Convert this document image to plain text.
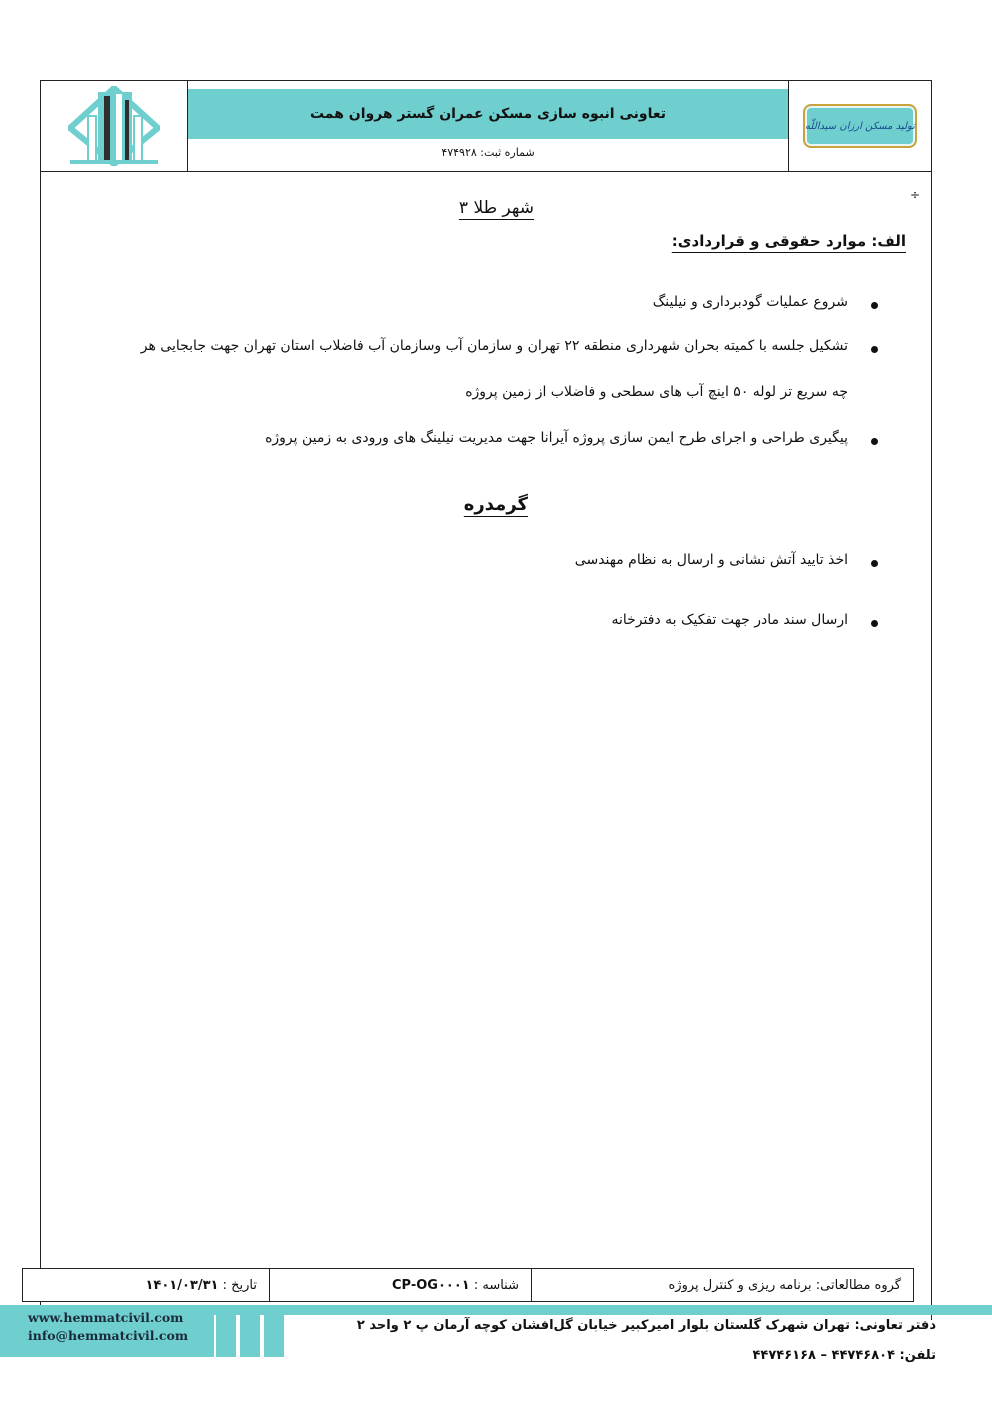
تعاونی انبوه سازی مسکن عمران گستر هروان همت
شماره ثبت: ۴۷۴۹۲۸
تولید مسکن ارزان سیداللّه
÷
شهر طلا ۳
الف: موارد حقوقی و قراردادی:
شروع عملیات گودبرداری و نیلینگ
تشکیل جلسه با کمیته بحران شهرداری منطقه ۲۲ تهران و سازمان آب وسازمان آب فاضلاب استان تهران جهت جابجایی هر
چه سریع تر لوله ۵۰ اینچ آب های سطحی و فاضلاب از زمین پروژه
پیگیری طراحی و اجرای طرح ایمن سازی پروژه آیرانا جهت مدیریت نیلینگ های ورودی به زمین پروژه
گرمدره
اخذ تایید آتش نشانی و ارسال به نظام مهندسی
ارسال سند مادر جهت تفکیک به دفترخانه
گروه مطالعاتی: برنامه ریزی و کنترل پروژه
شناسه :

CP-OG۰۰۰۱
تاریخ :

۱۴۰۱/۰۳/۳۱
www.hemmatcivil.com
info@hemmatcivil.com
دفتر تعاونی: تهران شهرک گلستان بلوار امیرکبیر خیابان گل‌افشان کوچه آرمان پ ۲ واحد ۲
تلفن: ۴۴۷۴۶۸۰۴ – ۴۴۷۴۶۱۶۸
